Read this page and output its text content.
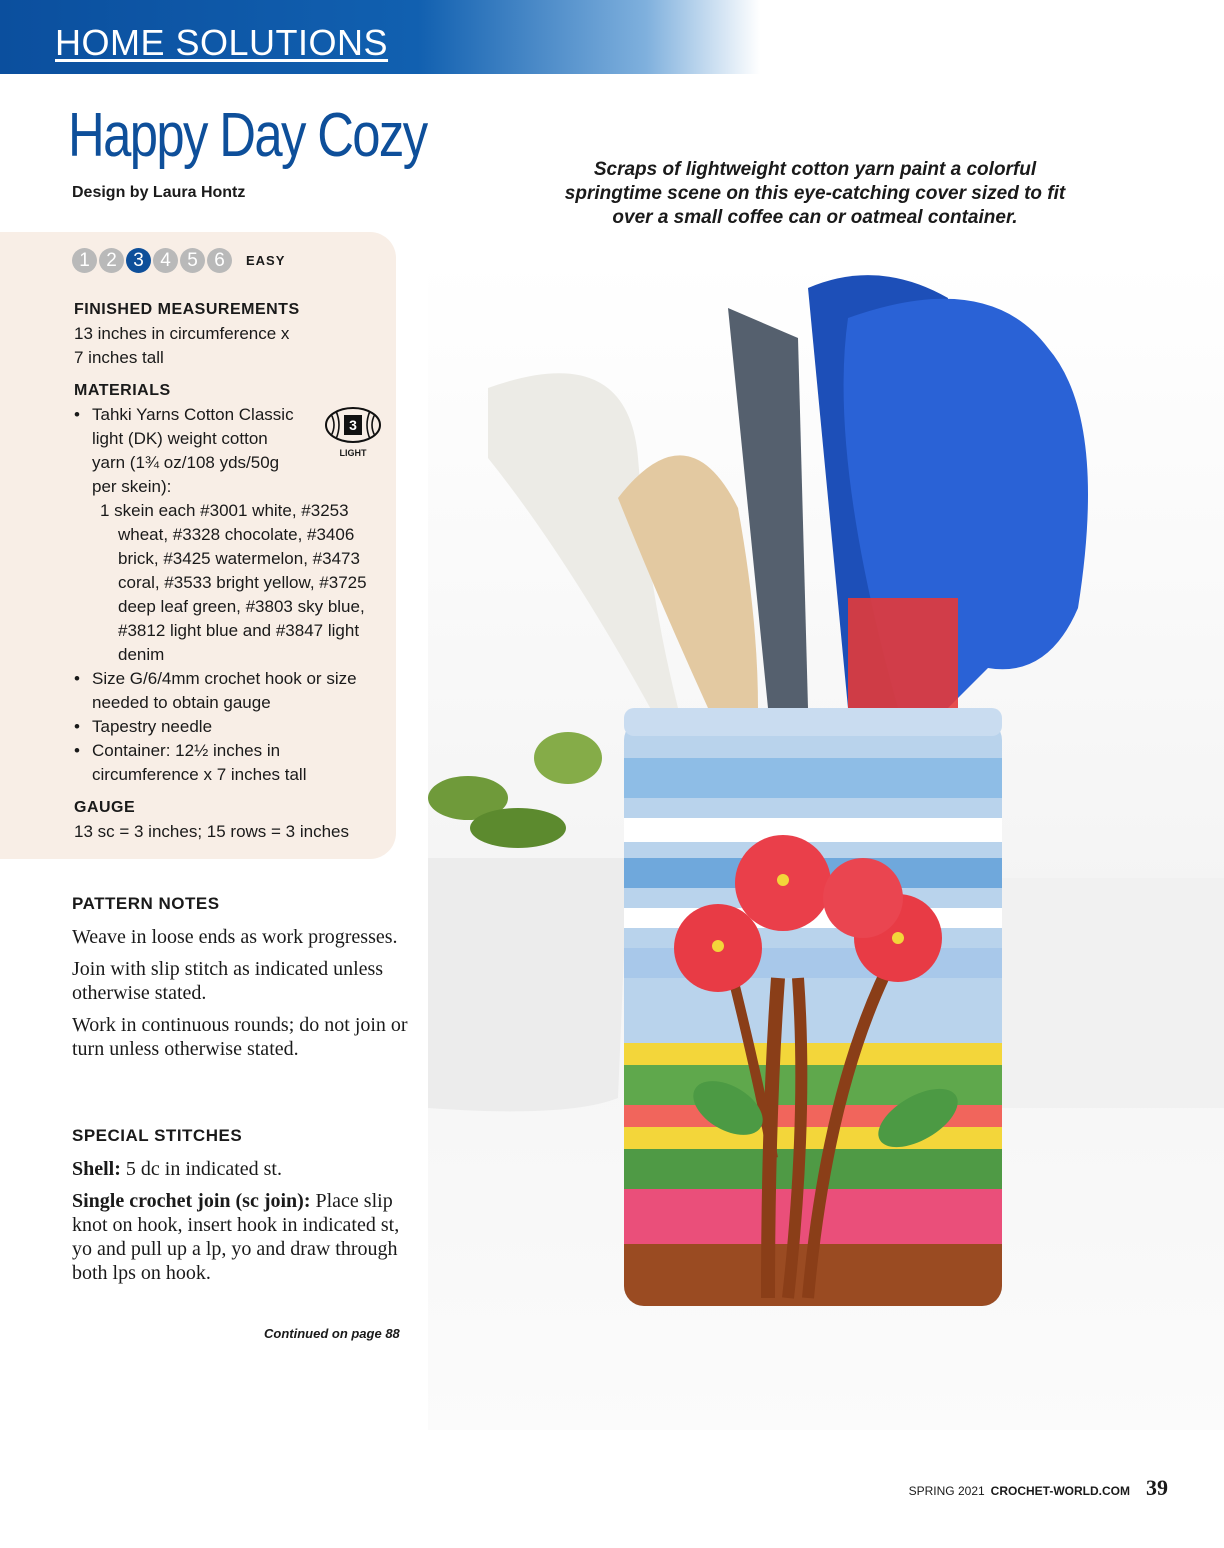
HOME SOLUTIONS
Happy Day Cozy
Design by Laura Hontz
Scraps of lightweight cotton yarn paint a colorful springtime scene on this eye-catching cover sized to fit over a small coffee can or oatmeal container.
1 2 3 4 5 6	EASY
FINISHED MEASUREMENTS
13 inches in circumference x
7 inches tall
MATERIALS
• Tahki Yarns Cotton Classic
light (DK) weight cotton
yarn (1¾ oz/108 yds/50g
per skein):
1 skein each #3001 white, #3253 wheat, #3328 chocolate, #3406 brick, #3425 watermelon, #3473 coral, #3533 bright yellow, #3725 deep leaf green, #3803 sky blue, #3812 light blue and #3847 light denim
• Size G/6/4mm crochet hook or size needed to obtain gauge
• Tapestry needle
• Container: 12½ inches in circumference x 7 inches tall
3
LIGHT
GAUGE
13 sc = 3 inches; 15 rows = 3 inches
PATTERN NOTES

Weave in loose ends as work progresses.

Join with slip stitch as indicated unless otherwise stated.

Work in continuous rounds; do not join or turn unless otherwise stated.

SPECIAL STITCHES

Shell: 5 dc in indicated st.

Single crochet join (sc join): Place slip knot on hook, insert hook in indicated st, yo and pull up a lp, yo and draw through both lps on hook.

Continued on page 88
SPRING 2021 CROCHET-WORLD.COM 39
